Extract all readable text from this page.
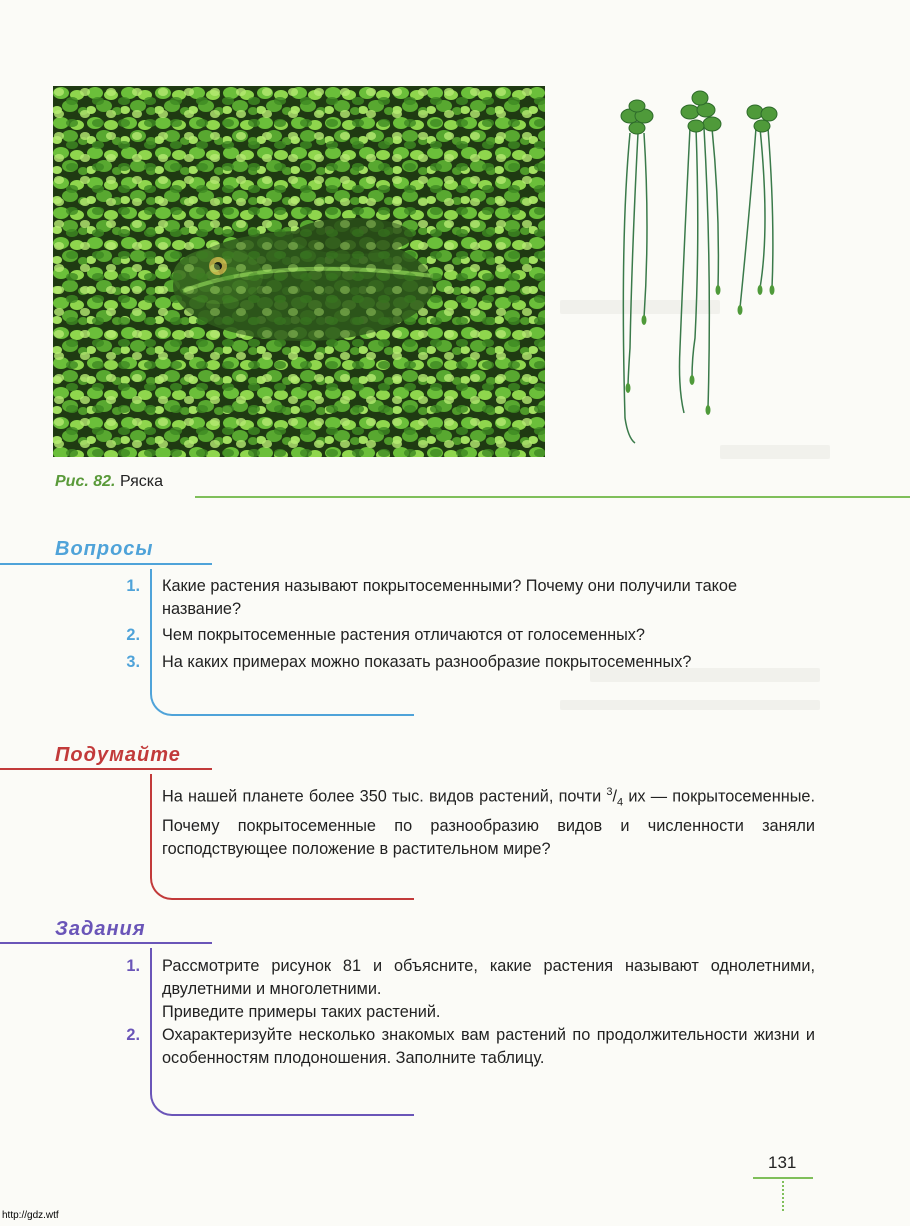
Рис. 82. Ряска
Вопросы
1. Какие растения называют покрытосеменными? Почему они получили такое название?
2. Чем покрытосеменные растения отличаются от голосеменных?
3. На каких примерах можно показать разнообразие покрытосеменных?
Подумайте
На нашей планете более 350 тыс. видов растений, почти $^3/_4$ их — покрытосеменные. Почему покрытосеменные по разнообразию видов и численности заняли господствующее положение в растительном мире?
Задания
1. Рассмотрите рисунок 81 и объясните, какие растения называют однолетними, двулетними и многолетними.
Приведите примеры таких растений.
2. Охарактеризуйте несколько знакомых вам растений по продолжительности жизни и особенностям плодоношения. Заполните таблицу.
131
http://gdz.wtf
